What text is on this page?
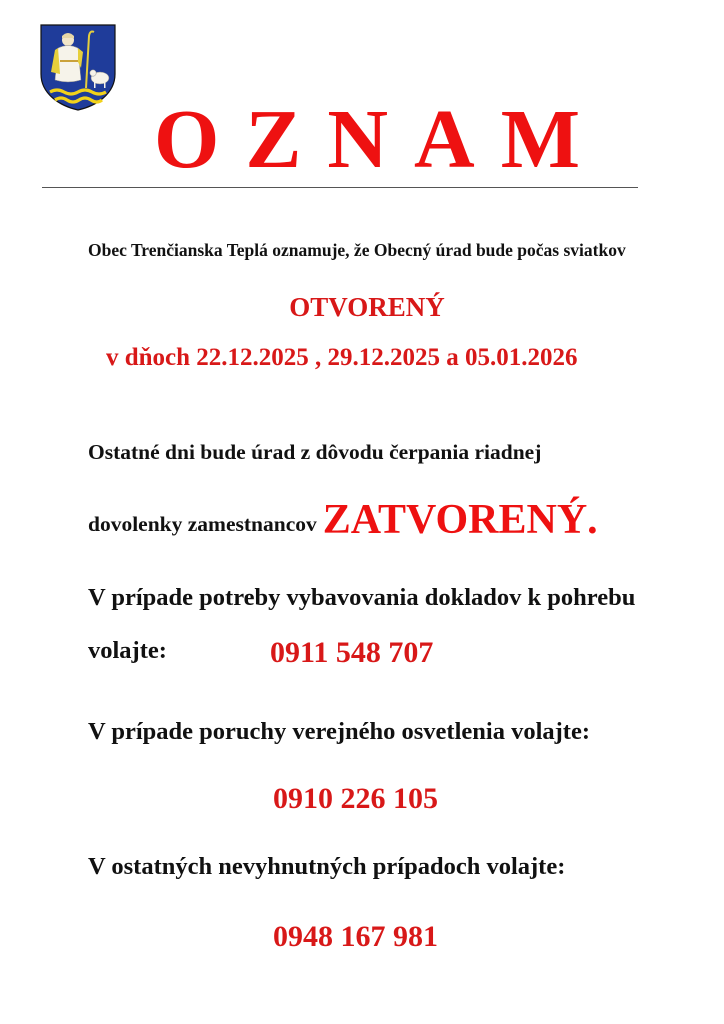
OZNAM
Obec Trenčianska Teplá oznamuje, že Obecný úrad bude počas sviatkov
OTVORENÝ
v dňoch 22.12.2025 , 29.12.2025 a 05.01.2026
Ostatné dni bude úrad z dôvodu čerpania riadnej
dovolenky zamestnancov ZATVORENÝ.
V prípade potreby vybavovania dokladov k pohrebu
volajte:	0911 548 707
V prípade poruchy verejného osvetlenia volajte:
0910 226 105
V ostatných nevyhnutných prípadoch volajte:
0948 167 981
